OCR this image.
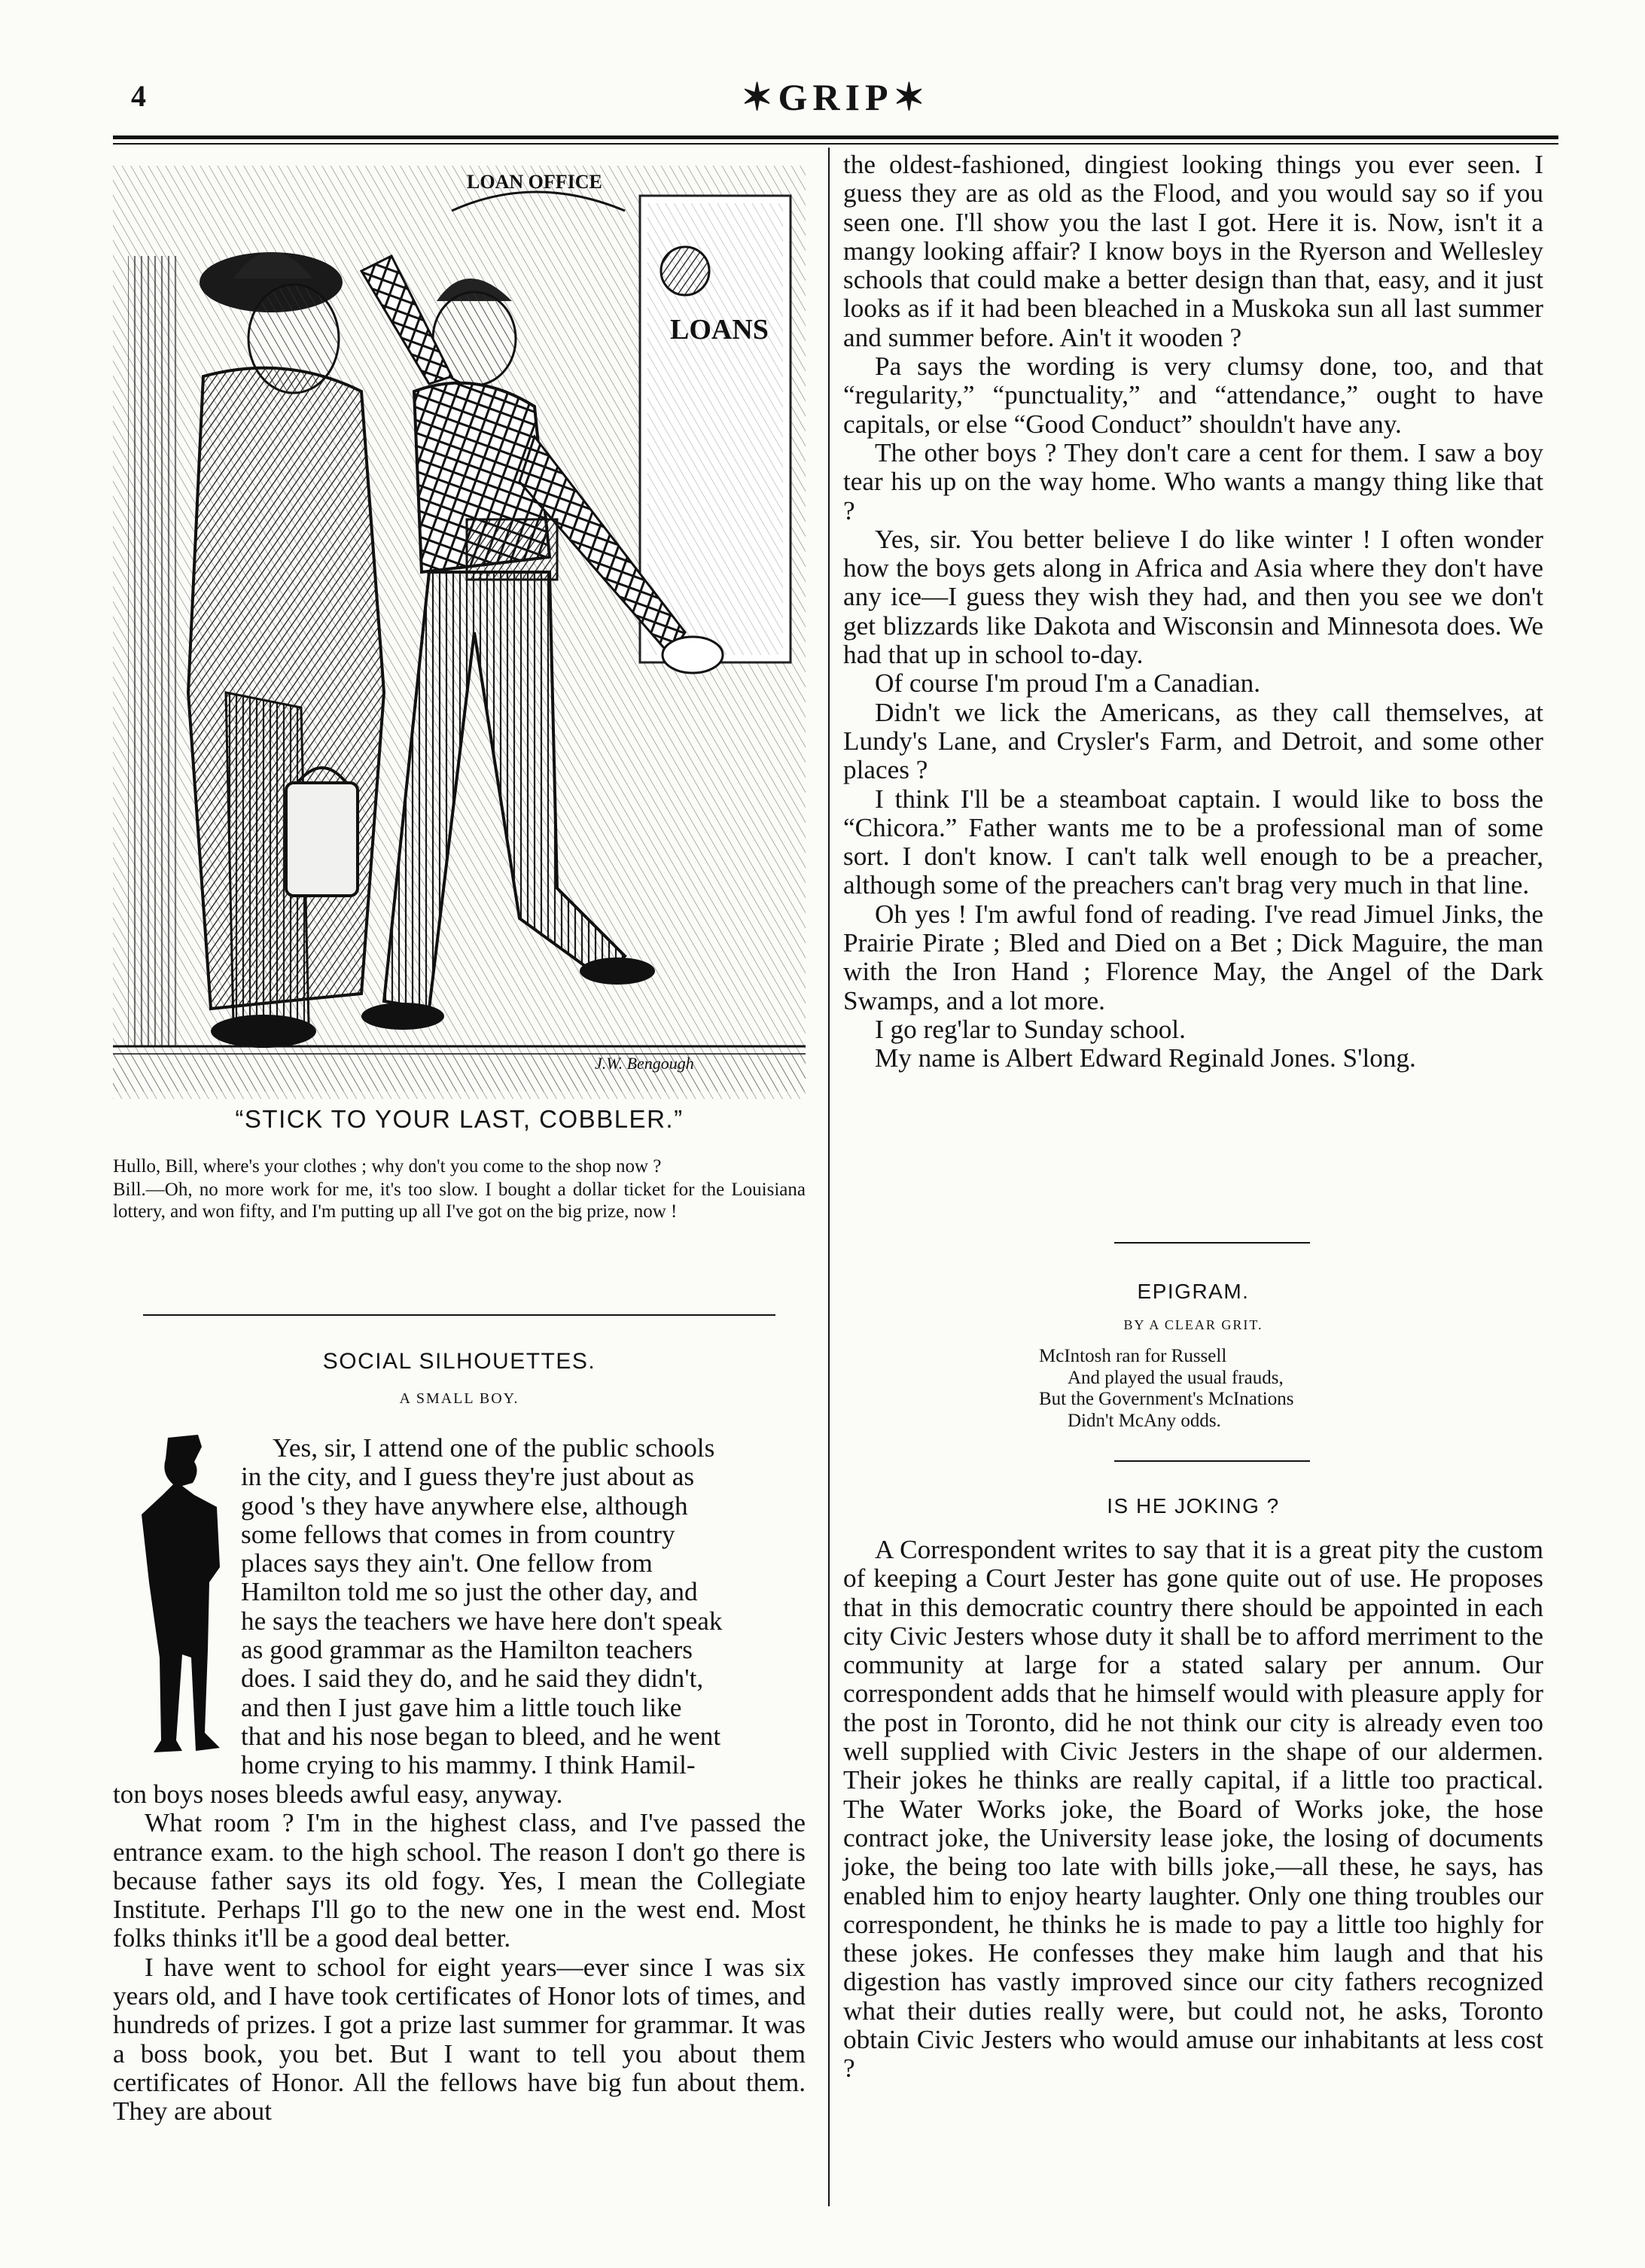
4	✶GRIP✶
LOANS
LOAN OFFICE
J.W. Bengough
“STICK TO YOUR LAST, COBBLER.”

Hullo, Bill, where's your clothes ; why don't you come to the shop now ?

Bill.—Oh, no more work for me, it's too slow. I bought a dollar ticket for the Louisiana lottery, and won fifty, and I'm putting up all I've got on the big prize, now !

SOCIAL SILHOUETTES.
A SMALL BOY.
Yes, sir, I attend one of the public schools
in the city, and I guess they're just about as
good 's they have anywhere else, although
some fellows that comes in from country
places says they ain't. One fellow from
Hamilton told me so just the other day, and
he says the teachers we have here don't speak
as good grammar as the Hamilton teachers
does. I said they do, and he said they didn't,
and then I just gave him a little touch like
that and his nose began to bleed, and he went
home crying to his mammy. I think Hamil-
ton boys noses bleeds awful easy, anyway.

What room ? I'm in the highest class, and I've passed the entrance exam. to the high school. The reason I don't go there is because father says its old fogy. Yes, I mean the Collegiate Institute. Perhaps I'll go to the new one in the west end. Most folks thinks it'll be a good deal better.

I have went to school for eight years—ever since I was six years old, and I have took certificates of Honor lots of times, and hundreds of prizes. I got a prize last summer for grammar. It was a boss book, you bet. But I want to tell you about them certificates of Honor. All the fellows have big fun about them. They are about

the oldest-fashioned, dingiest looking things you ever seen. I guess they are as old as the Flood, and you would say so if you seen one. I'll show you the last I got. Here it is. Now, isn't it a mangy looking affair? I know boys in the Ryerson and Wellesley schools that could make a better design than that, easy, and it just looks as if it had been bleached in a Muskoka sun all last summer and summer before. Ain't it wooden ?

Pa says the wording is very clumsy done, too, and that “regularity,” “punctuality,” and “attendance,” ought to have capitals, or else “Good Conduct” shouldn't have any.

The other boys ? They don't care a cent for them. I saw a boy tear his up on the way home. Who wants a mangy thing like that ?

Yes, sir. You better believe I do like winter ! I often wonder how the boys gets along in Africa and Asia where they don't have any ice—I guess they wish they had, and then you see we don't get blizzards like Dakota and Wisconsin and Minnesota does. We had that up in school to-day.

Of course I'm proud I'm a Canadian.

Didn't we lick the Americans, as they call themselves, at Lundy's Lane, and Crysler's Farm, and Detroit, and some other places ?

I think I'll be a steamboat captain. I would like to boss the “Chicora.” Father wants me to be a professional man of some sort. I don't know. I can't talk well enough to be a preacher, although some of the preachers can't brag very much in that line.

Oh yes ! I'm awful fond of reading. I've read Jimuel Jinks, the Prairie Pirate ; Bled and Died on a Bet ; Dick Maguire, the man with the Iron Hand ; Florence May, the Angel of the Dark Swamps, and a lot more.

I go reg'lar to Sunday school.

My name is Albert Edward Reginald Jones. S'long.

EPIGRAM.
BY A CLEAR GRIT.
McIntosh ran for Russell
And played the usual frauds,
But the Government's McInations
Didn't McAny odds.
IS HE JOKING ?

A Correspondent writes to say that it is a great pity the custom of keeping a Court Jester has gone quite out of use. He proposes that in this democratic country there should be appointed in each city Civic Jesters whose duty it shall be to afford merriment to the community at large for a stated salary per annum. Our correspondent adds that he himself would with pleasure apply for the post in Toronto, did he not think our city is already even too well supplied with Civic Jesters in the shape of our aldermen. Their jokes he thinks are really capital, if a little too practical. The Water Works joke, the Board of Works joke, the hose contract joke, the University lease joke, the losing of documents joke, the being too late with bills joke,—all these, he says, has enabled him to enjoy hearty laughter. Only one thing troubles our correspondent, he thinks he is made to pay a little too highly for these jokes. He confesses they make him laugh and that his digestion has vastly improved since our city fathers recognized what their duties really were, but could not, he asks, Toronto obtain Civic Jesters who would amuse our inhabitants at less cost ?
